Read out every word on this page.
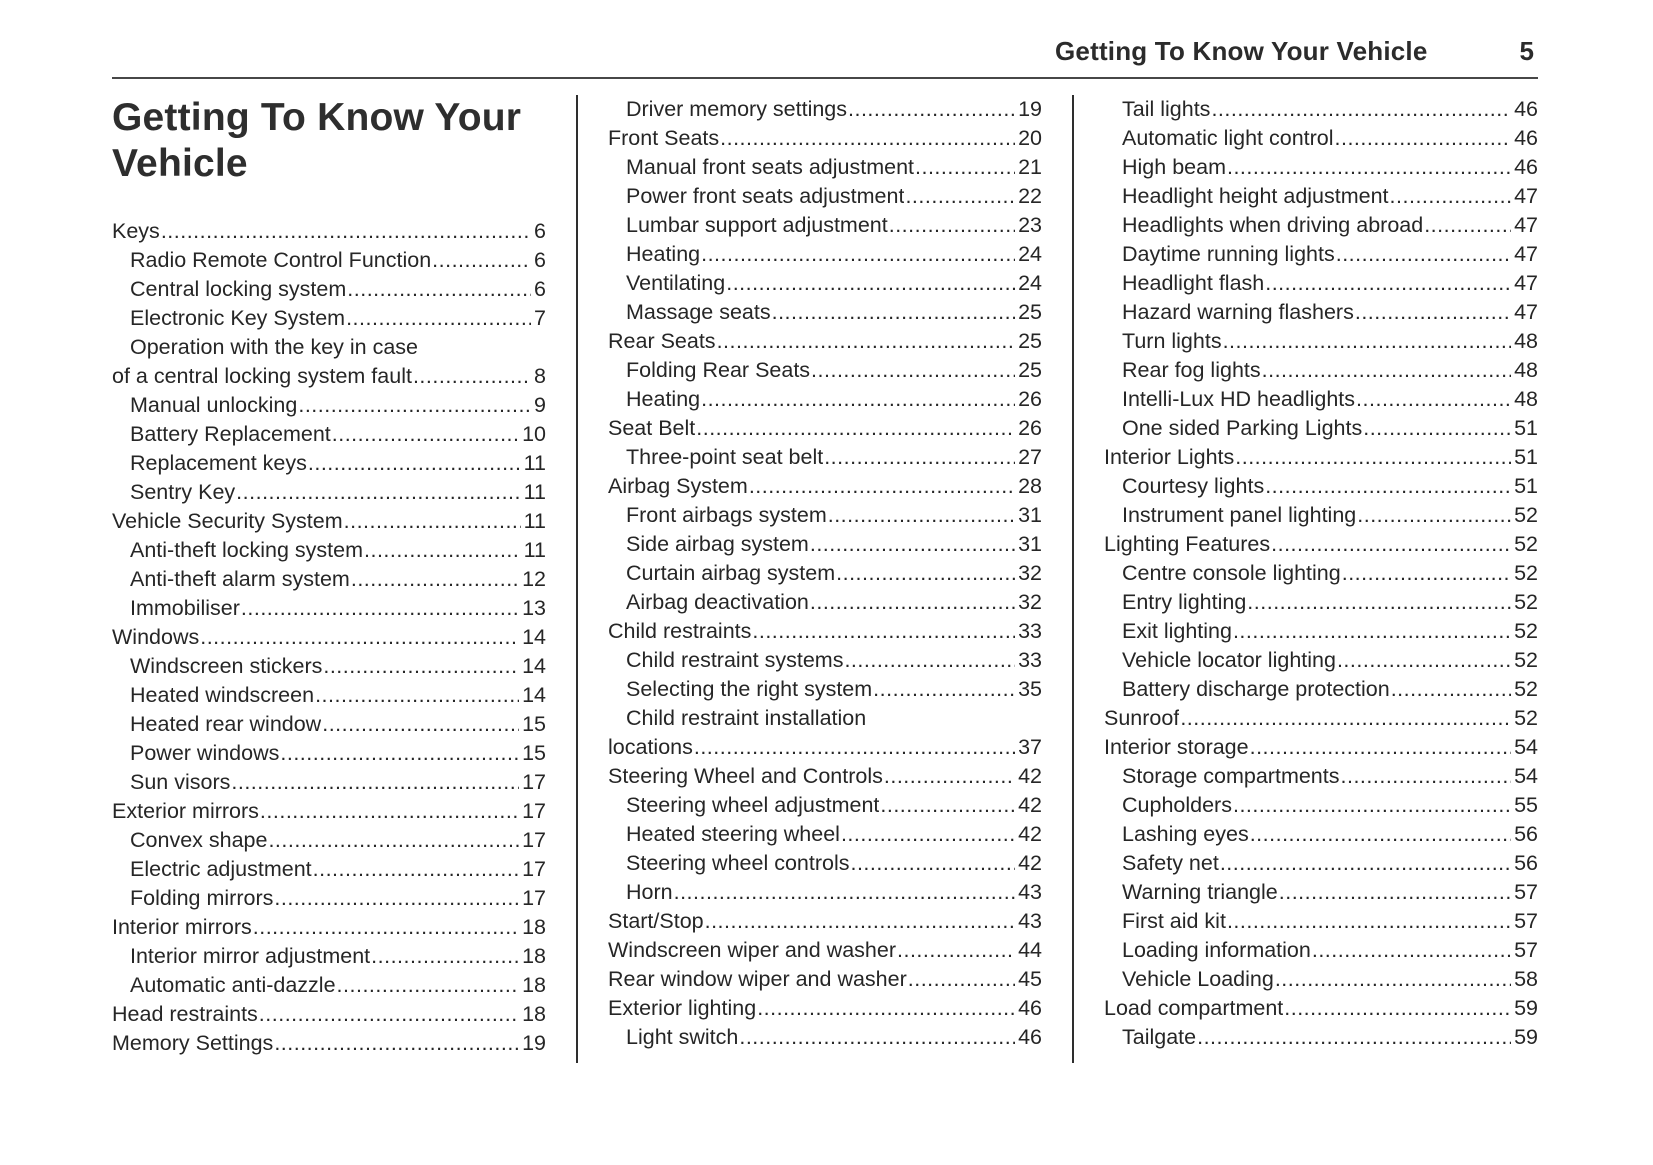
Getting To Know Your Vehicle	5
Getting To Know Your Vehicle
Keys .....	6
Radio Remote Control Function .....	6
Central locking system .....	6
Electronic Key System .....	7
Operation with the key in case
of a central locking system fault .....	8
Manual unlocking .....	9
Battery Replacement .....	10
Replacement keys .....	11
Sentry Key .....	11
Vehicle Security System .....	11
Anti-theft locking system .....	11
Anti-theft alarm system .....	12
Immobiliser .....	13
Windows .....	14
Windscreen stickers .....	14
Heated windscreen .....	14
Heated rear window .....	15
Power windows .....	15
Sun visors .....	17
Exterior mirrors .....	17
Convex shape .....	17
Electric adjustment .....	17
Folding mirrors .....	17
Interior mirrors .....	18
Interior mirror adjustment .....	18
Automatic anti-dazzle .....	18
Head restraints .....	18
Memory Settings .....	19
Driver memory settings .....	19
Front Seats .....	20
Manual front seats adjustment .....	21
Power front seats adjustment .....	22
Lumbar support adjustment .....	23
Heating .....	24
Ventilating .....	24
Massage seats .....	25
Rear Seats .....	25
Folding Rear Seats .....	25
Heating .....	26
Seat Belt .....	26
Three-point seat belt .....	27
Airbag System .....	28
Front airbags system .....	31
Side airbag system .....	31
Curtain airbag system .....	32
Airbag deactivation .....	32
Child restraints .....	33
Child restraint systems .....	33
Selecting the right system .....	35
Child restraint installation
locations .....	37
Steering Wheel and Controls .....	42
Steering wheel adjustment .....	42
Heated steering wheel .....	42
Steering wheel controls .....	42
Horn .....	43
Start/Stop .....	43
Windscreen wiper and washer .....	44
Rear window wiper and washer .....	45
Exterior lighting .....	46
Light switch .....	46
Tail lights .....	46
Automatic light control .....	46
High beam .....	46
Headlight height adjustment .....	47
Headlights when driving abroad .....	47
Daytime running lights .....	47
Headlight flash .....	47
Hazard warning flashers .....	47
Turn lights .....	48
Rear fog lights .....	48
Intelli-Lux HD headlights .....	48
One sided Parking Lights .....	51
Interior Lights .....	51
Courtesy lights .....	51
Instrument panel lighting .....	52
Lighting Features .....	52
Centre console lighting .....	52
Entry lighting .....	52
Exit lighting .....	52
Vehicle locator lighting .....	52
Battery discharge protection .....	52
Sunroof .....	52
Interior storage .....	54
Storage compartments .....	54
Cupholders .....	55
Lashing eyes .....	56
Safety net .....	56
Warning triangle .....	57
First aid kit .....	57
Loading information .....	57
Vehicle Loading .....	58
Load compartment .....	59
Tailgate .....	59
